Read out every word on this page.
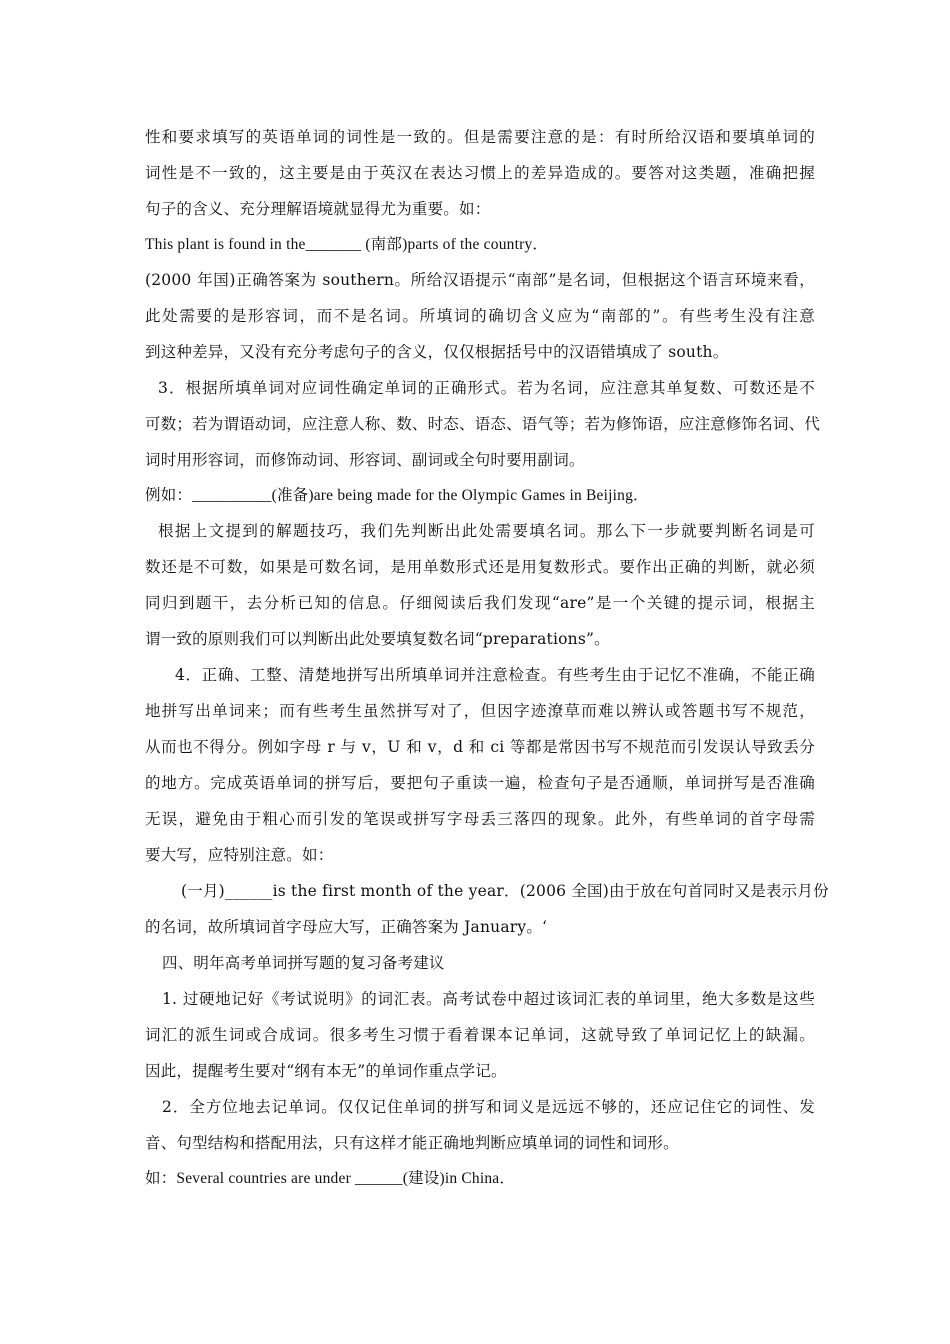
性和要求填写的英语单词的词性是一致的。但是需要注意的是：有时所给汉语和要填单词的
词性是不一致的，这主要是由于英汉在表达习惯上的差异造成的。要答对这类题，准确把握
句子的含义、充分理解语境就显得尤为重要。如：
This plant is found in the_______ (南部)parts of the country．
(2000 年国)正确答案为 southern。所给汉语提示“南部”是名词，但根据这个语言环境来看，
此处需要的是形容词，而不是名词。所填词的确切含义应为“南部的”。有些考生没有注意
到这种差异，又没有充分考虑句子的含义，仅仅根据括号中的汉语错填成了 south。
3．根据所填单词对应词性确定单词的正确形式。若为名词，应注意其单复数、可数还是不
可数；若为谓语动词，应注意人称、数、时态、语态、语气等；若为修饰语，应注意修饰名词、代
词时用形容词，而修饰动词、形容词、副词或全句时要用副词。
例如：__________(准备)are being made for the Olympic Games in Beijing．
根据上文提到的解题技巧，我们先判断出此处需要填名词。那么下一步就要判断名词是可
数还是不可数，如果是可数名词，是用单数形式还是用复数形式。要作出正确的判断，就必须
同归到题干，去分析已知的信息。仔细阅读后我们发现“are”是一个关键的提示词，根据主
谓一致的原则我们可以判断出此处要填复数名词“preparations”。
4．正确、工整、清楚地拼写出所填单词并注意检查。有些考生由于记忆不准确，不能正确
地拼写出单词来；而有些考生虽然拼写对了，但因字迹潦草而难以辨认或答题书写不规范，
从而也不得分。例如字母 r 与 v，U 和 v，d 和 ci 等都是常因书写不规范而引发误认导致丢分
的地方。完成英语单词的拼写后，要把句子重读一遍，检查句子是否通顺，单词拼写是否准确
无误，避免由于粗心而引发的笔误或拼写字母丢三落四的现象。此外，有些单词的首字母需
要大写，应特别注意。如：
(一月)______is the first month of the year．(2006 全国)由于放在句首同时又是表示月份
的名词，故所填词首字母应大写，正确答案为 January。‘
四、明年高考单词拼写题的复习备考建议
1. 过硬地记好《考试说明》的词汇表。高考试卷中超过该词汇表的单词里，绝大多数是这些
词汇的派生词或合成词。很多考生习惯于看着课本记单词，这就导致了单词记忆上的缺漏。
因此，提醒考生要对“纲有本无”的单词作重点学记。
2．全方位地去记单词。仅仅记住单词的拼写和词义是远远不够的，还应记住它的词性、发
音、句型结构和搭配用法，只有这样才能正确地判断应填单词的词性和词形。
如：Several countries are under ______(建设)in China．
